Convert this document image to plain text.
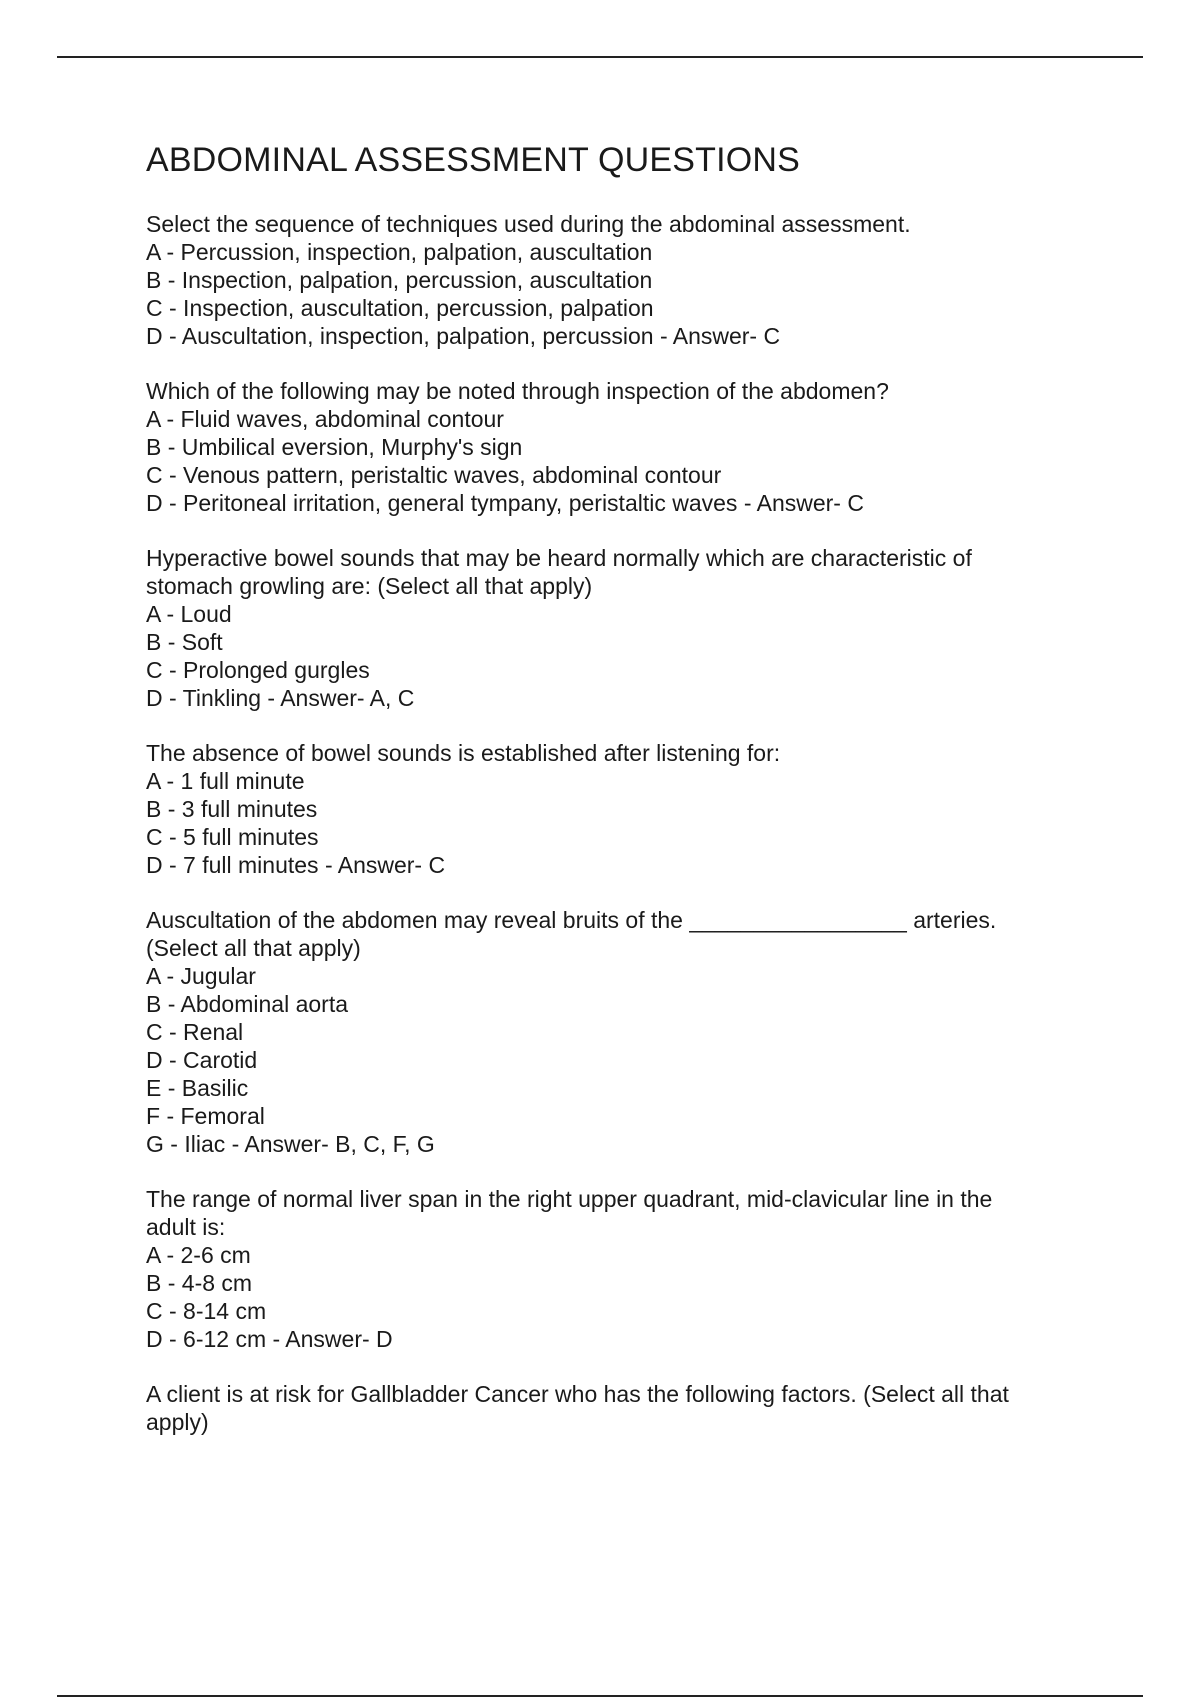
ABDOMINAL ASSESSMENT QUESTIONS
Select the sequence of techniques used during the abdominal assessment.
A - Percussion, inspection, palpation, auscultation
B - Inspection, palpation, percussion, auscultation
C - Inspection, auscultation, percussion, palpation
D - Auscultation, inspection, palpation, percussion - Answer- C
Which of the following may be noted through inspection of the abdomen?
A - Fluid waves, abdominal contour
B - Umbilical eversion, Murphy's sign
C - Venous pattern, peristaltic waves, abdominal contour
D - Peritoneal irritation, general tympany, peristaltic waves - Answer- C
Hyperactive bowel sounds that may be heard normally which are characteristic of
stomach growling are: (Select all that apply)
A - Loud
B - Soft
C - Prolonged gurgles
D - Tinkling - Answer- A, C
The absence of bowel sounds is established after listening for:
A - 1 full minute
B - 3 full minutes
C - 5 full minutes
D - 7 full minutes - Answer- C
Auscultation of the abdomen may reveal bruits of the _________________ arteries.
(Select all that apply)
A - Jugular
B - Abdominal aorta
C - Renal
D - Carotid
E - Basilic
F - Femoral
G - Iliac - Answer- B, C, F, G
The range of normal liver span in the right upper quadrant, mid-clavicular line in the
adult is:
A - 2-6 cm
B - 4-8 cm
C - 8-14 cm
D - 6-12 cm - Answer- D
A client is at risk for Gallbladder Cancer who has the following factors. (Select all that
apply)
